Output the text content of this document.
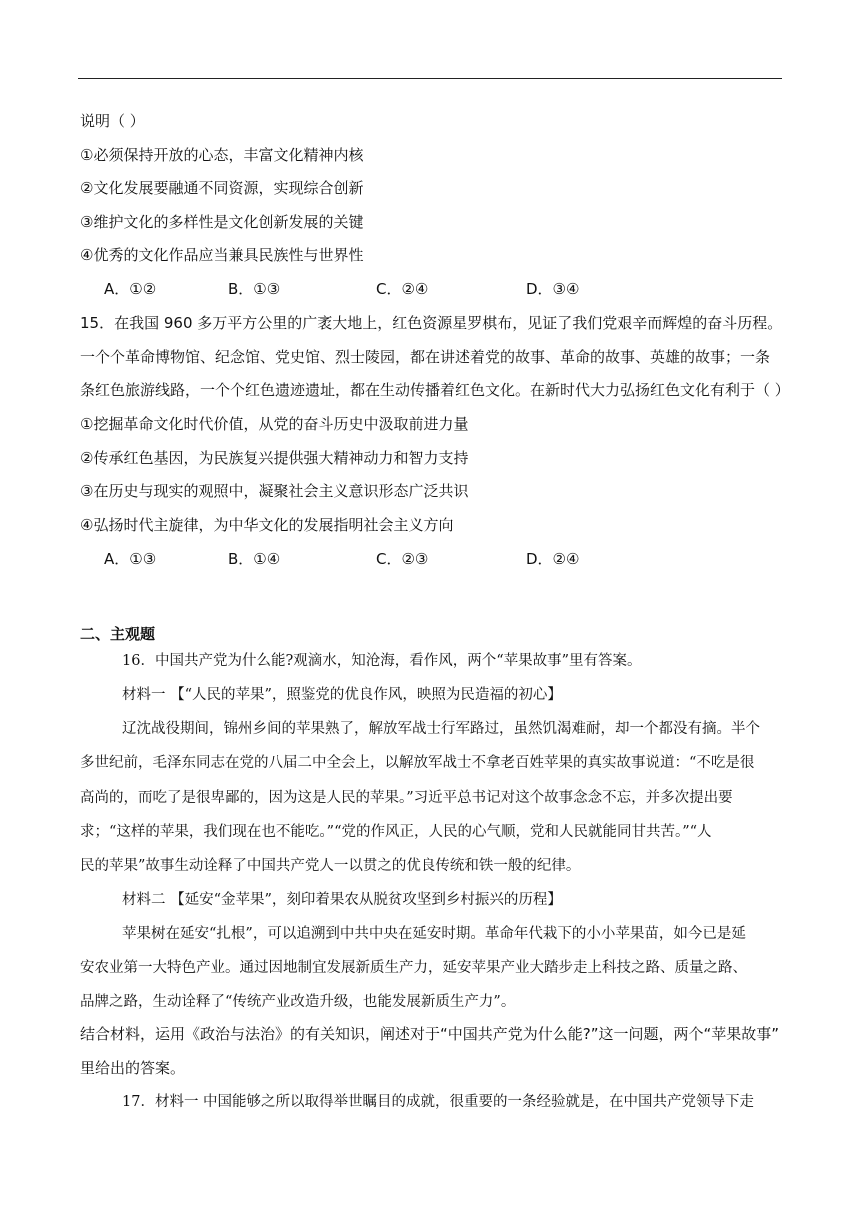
说明（ ）
①必须保持开放的心态，丰富文化精神内核
②文化发展要融通不同资源，实现综合创新
③维护文化的多样性是文化创新发展的关键
④优秀的文化作品应当兼具民族性与世界性
A．①②	B．①③	C．②④	D．③④
15．在我国 960 多万平方公里的广袤大地上，红色资源星罗棋布，见证了我们党艰辛而辉煌的奋斗历程。
一个个革命博物馆、纪念馆、党史馆、烈士陵园，都在讲述着党的故事、革命的故事、英雄的故事；一条
条红色旅游线路，一个个红色遗迹遗址，都在生动传播着红色文化。在新时代大力弘扬红色文化有利于（ ）
①挖掘革命文化时代价值，从党的奋斗历史中汲取前进力量
②传承红色基因，为民族复兴提供强大精神动力和智力支持
③在历史与现实的观照中，凝聚社会主义意识形态广泛共识
④弘扬时代主旋律，为中华文化的发展指明社会主义方向
A．①③	B．①④	C．②③	D．②④
二、主观题
16．中国共产党为什么能?观滴水，知沧海，看作风，两个“苹果故事”里有答案。
材料一 【“人民的苹果”，照鉴党的优良作风，映照为民造福的初心】
辽沈战役期间，锦州乡间的苹果熟了，解放军战士行军路过，虽然饥渴难耐，却一个都没有摘。半个
多世纪前，毛泽东同志在党的八届二中全会上，以解放军战士不拿老百姓苹果的真实故事说道：“不吃是很
高尚的，而吃了是很卑鄙的，因为这是人民的苹果。”习近平总书记对这个故事念念不忘，并多次提出要
求；“这样的苹果，我们现在也不能吃。”“党的作风正，人民的心气顺，党和人民就能同甘共苦。”“人
民的苹果”故事生动诠释了中国共产党人一以贯之的优良传统和铁一般的纪律。
材料二 【延安“金苹果”，刻印着果农从脱贫攻坚到乡村振兴的历程】
苹果树在延安“扎根”，可以追溯到中共中央在延安时期。革命年代栽下的小小苹果苗，如今已是延
安农业第一大特色产业。通过因地制宜发展新质生产力，延安苹果产业大踏步走上科技之路、质量之路、
品牌之路，生动诠释了“传统产业改造升级，也能发展新质生产力”。
结合材料，运用《政治与法治》的有关知识，阐述对于“中国共产党为什么能?”这一问题，两个“苹果故事”
里给出的答案。
17．材料一 中国能够之所以取得举世瞩目的成就，很重要的一条经验就是，在中国共产党领导下走
